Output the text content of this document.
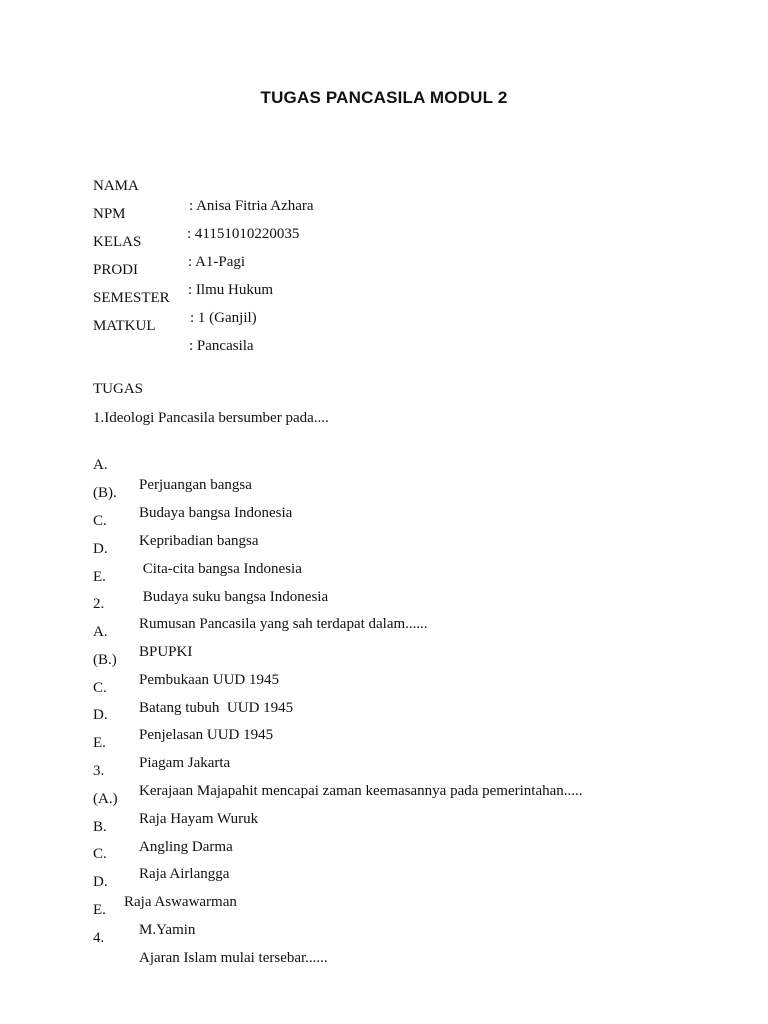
TUGAS PANCASILA MODUL 2

NAMA

: Anisa Fitria Azhara

NPM

: 41151010220035

KELAS

: A1-Pagi

PRODI

: Ilmu Hukum

SEMESTER

: 1 (Ganjil)

MATKUL

: Pancasila

TUGAS
1.Ideologi Pancasila bersumber pada....

A.

Perjuangan bangsa

(B).

Budaya bangsa Indonesia

C.

Kepribadian bangsa

D.

Cita-cita bangsa Indonesia

E.

Budaya suku bangsa Indonesia

2.

Rumusan Pancasila yang sah terdapat dalam......

A.

BPUPKI

(B.)

Pembukaan UUD 1945

C.

Batang tubuh  UUD 1945

D.

Penjelasan UUD 1945

E.

Piagam Jakarta

3.

Kerajaan Majapahit mencapai zaman keemasannya pada pemerintahan.....

(A.)

Raja Hayam Wuruk

B.

Angling Darma

C.

Raja Airlangga

D.

Raja Aswawarman

E.

M.Yamin

4.

Ajaran Islam mulai tersebar......
